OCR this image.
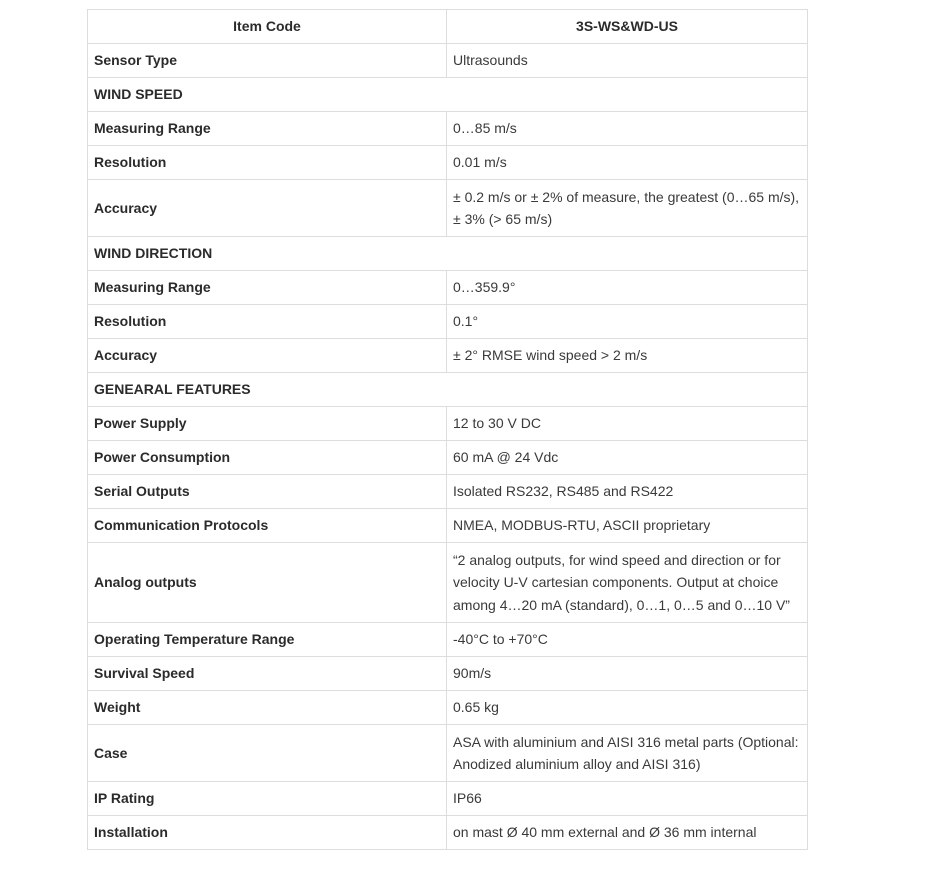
Item Code	3S-WS&WD-US
Sensor Type	Ultrasounds
WIND SPEED	
Measuring Range	0…85 m/s
Resolution	0.01 m/s
Accuracy	± 0.2 m/s or ± 2% of measure, the greatest (0…65 m/s), ± 3% (> 65 m/s)
WIND DIRECTION	
Measuring Range	0…359.9°
Resolution	0.1°
Accuracy	± 2° RMSE wind speed > 2 m/s
GENEARAL FEATURES	
Power Supply	12 to 30 V DC
Power Consumption	60 mA @ 24 Vdc
Serial Outputs	Isolated RS232, RS485 and RS422
Communication Protocols	NMEA, MODBUS-RTU, ASCII proprietary
Analog outputs	“2 analog outputs, for wind speed and direction or for velocity U-V cartesian components. Output at choice among 4…20 mA (standard), 0…1, 0…5 and 0…10 V”
Operating Temperature Range	-40°C to +70°C
Survival Speed	90m/s
Weight	0.65 kg
Case	ASA with aluminium and AISI 316 metal parts (Optional: Anodized aluminium alloy and AISI 316)
IP Rating	IP66
Installation	on mast Ø 40 mm external and Ø 36 mm internal
